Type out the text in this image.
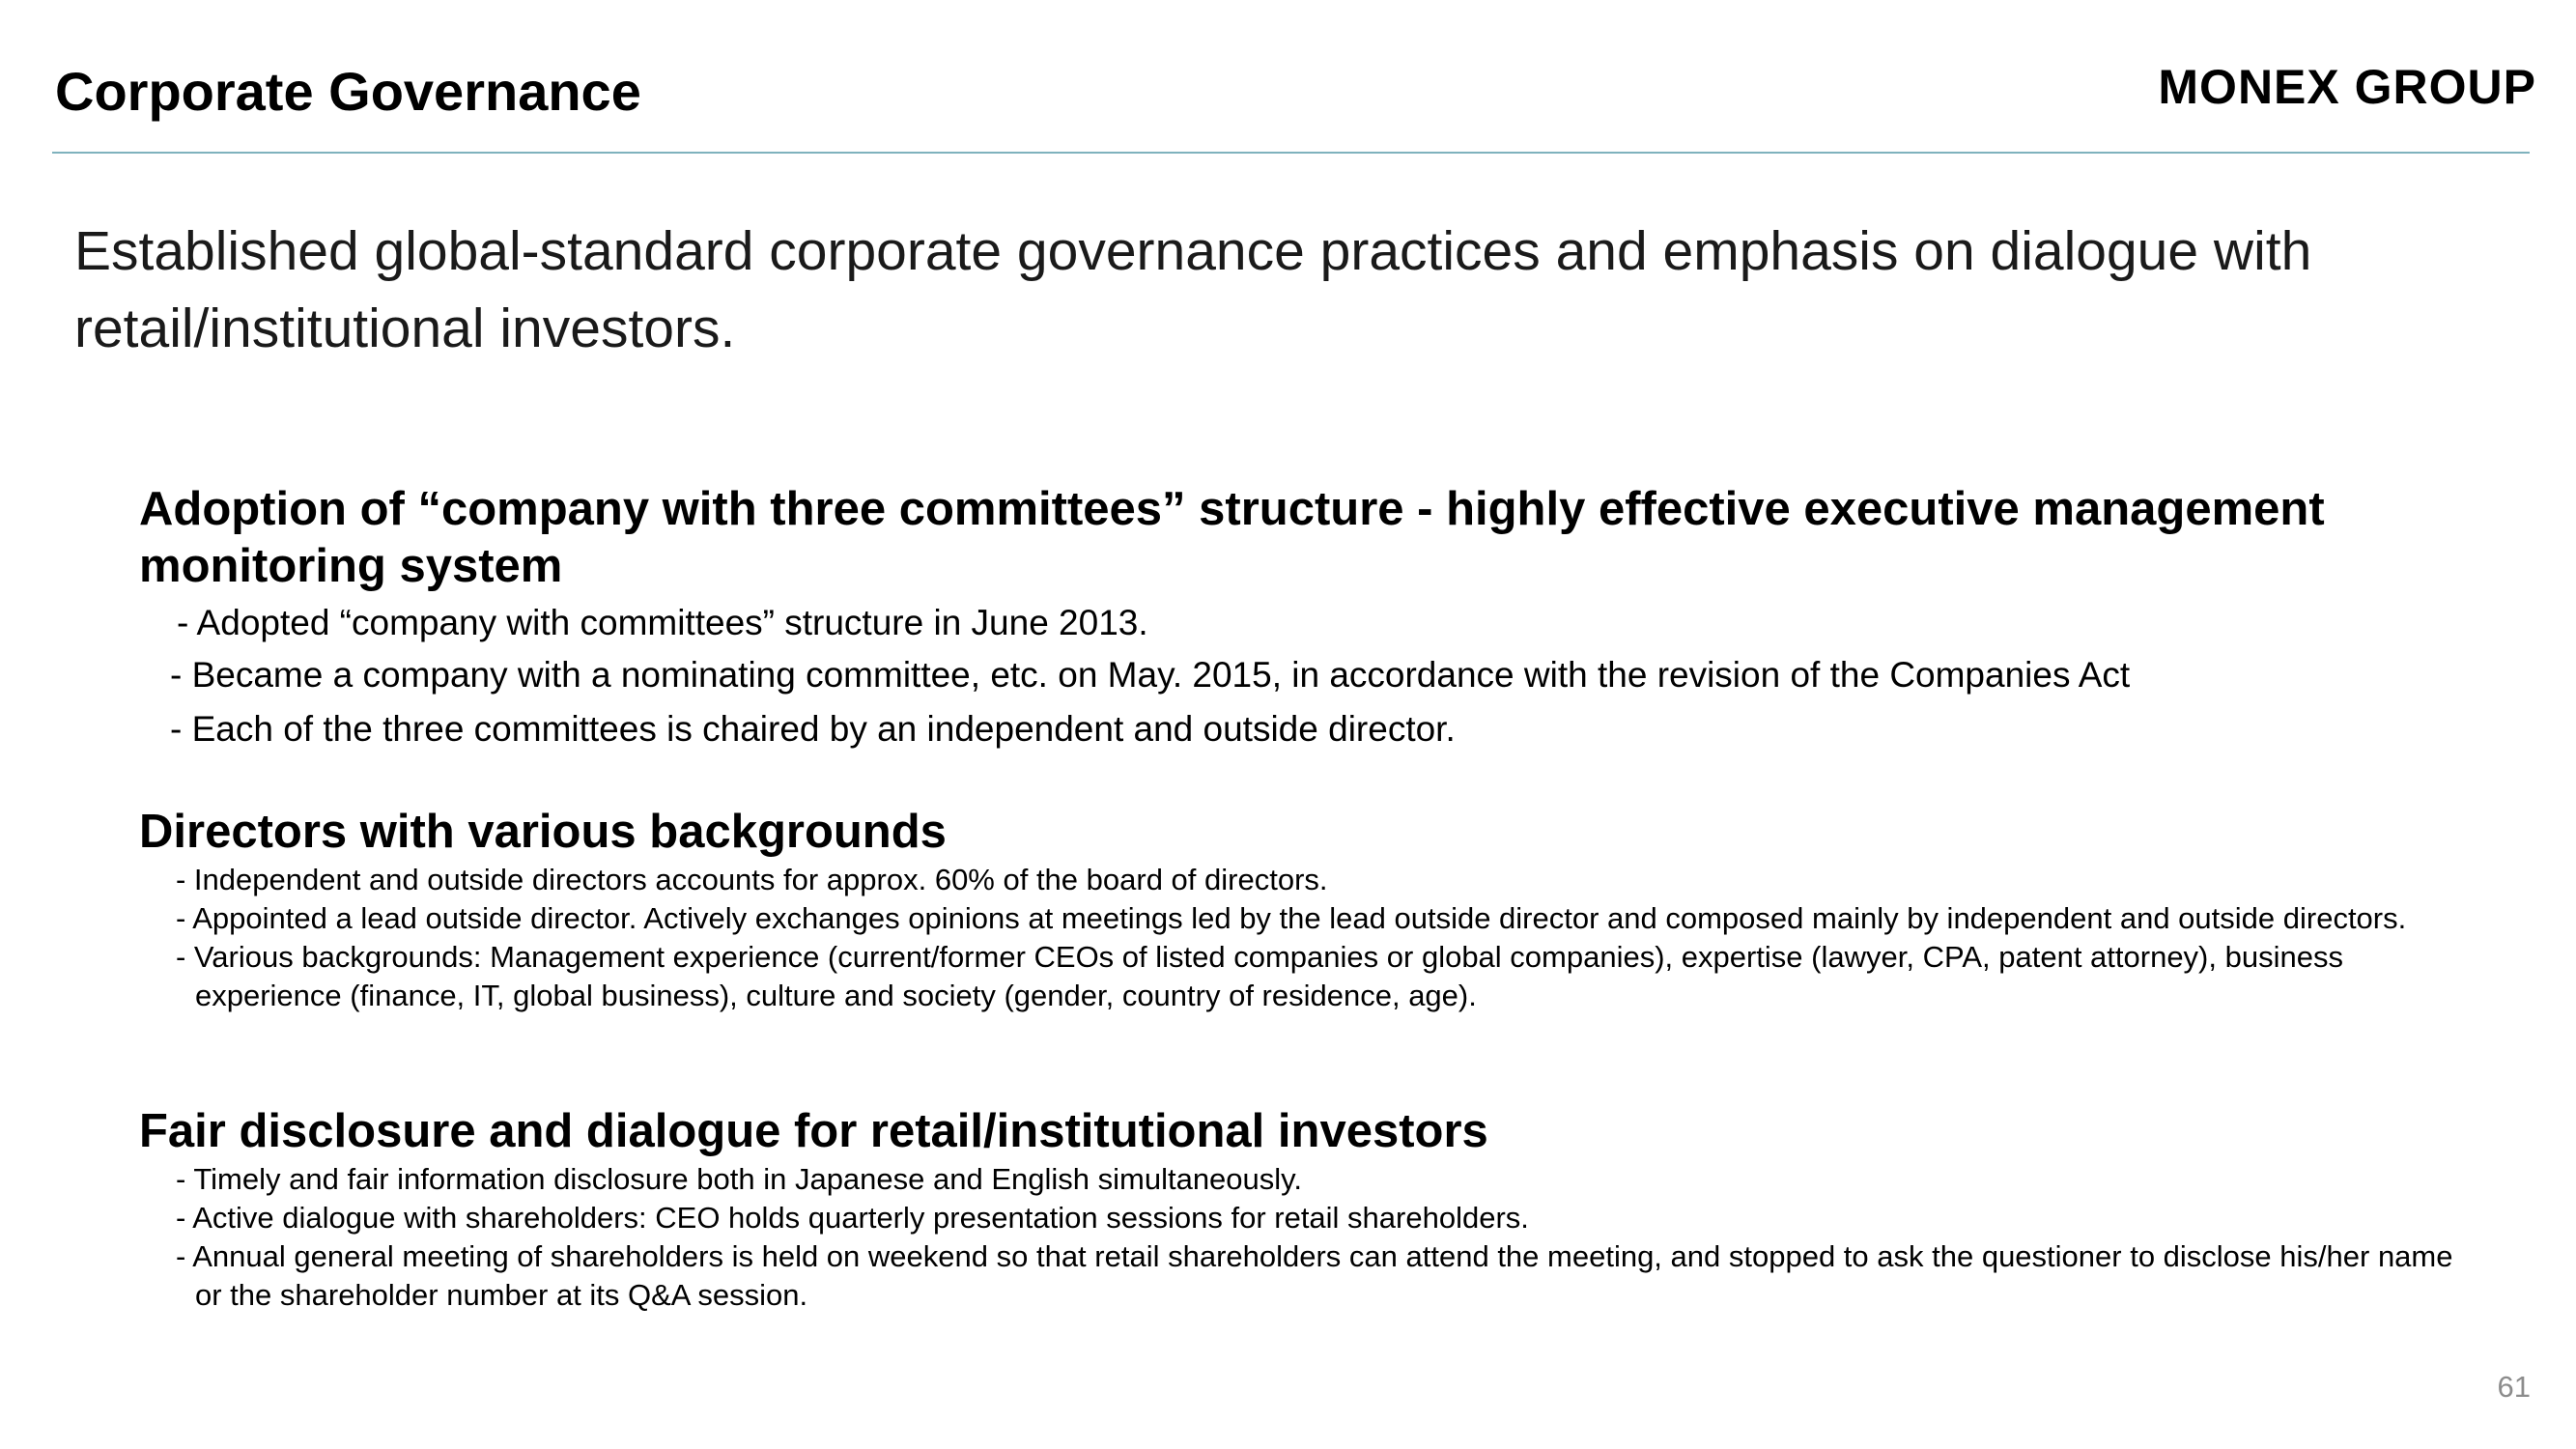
Corporate Governance	MONEX GROUP
Established global-standard corporate governance practices and emphasis on dialogue with retail/institutional investors.
Adoption of “company with three committees” structure - highly effective executive management monitoring system
- Adopted “company with committees” structure in June 2013.
- Became a company with a nominating committee, etc. on May. 2015, in accordance with the revision of the Companies Act
- Each of the three committees is chaired by an independent and outside director.
Directors with various backgrounds
- Independent and outside directors accounts for approx. 60% of the board of directors.
- Appointed a lead outside director. Actively exchanges opinions at meetings led by the lead outside director and composed mainly by independent and outside directors.
- Various backgrounds: Management experience (current/former CEOs of listed companies or global companies), expertise (lawyer, CPA, patent attorney), business experience (finance, IT, global business), culture and society (gender, country of residence, age).
Fair disclosure and dialogue for retail/institutional investors
- Timely and fair information disclosure both in Japanese and English simultaneously.
- Active dialogue with shareholders: CEO holds quarterly presentation sessions for retail shareholders.
- Annual general meeting of shareholders is held on weekend so that retail shareholders can attend the meeting, and stopped to ask the questioner to disclose his/her name or the shareholder number at its Q&A session.
61
